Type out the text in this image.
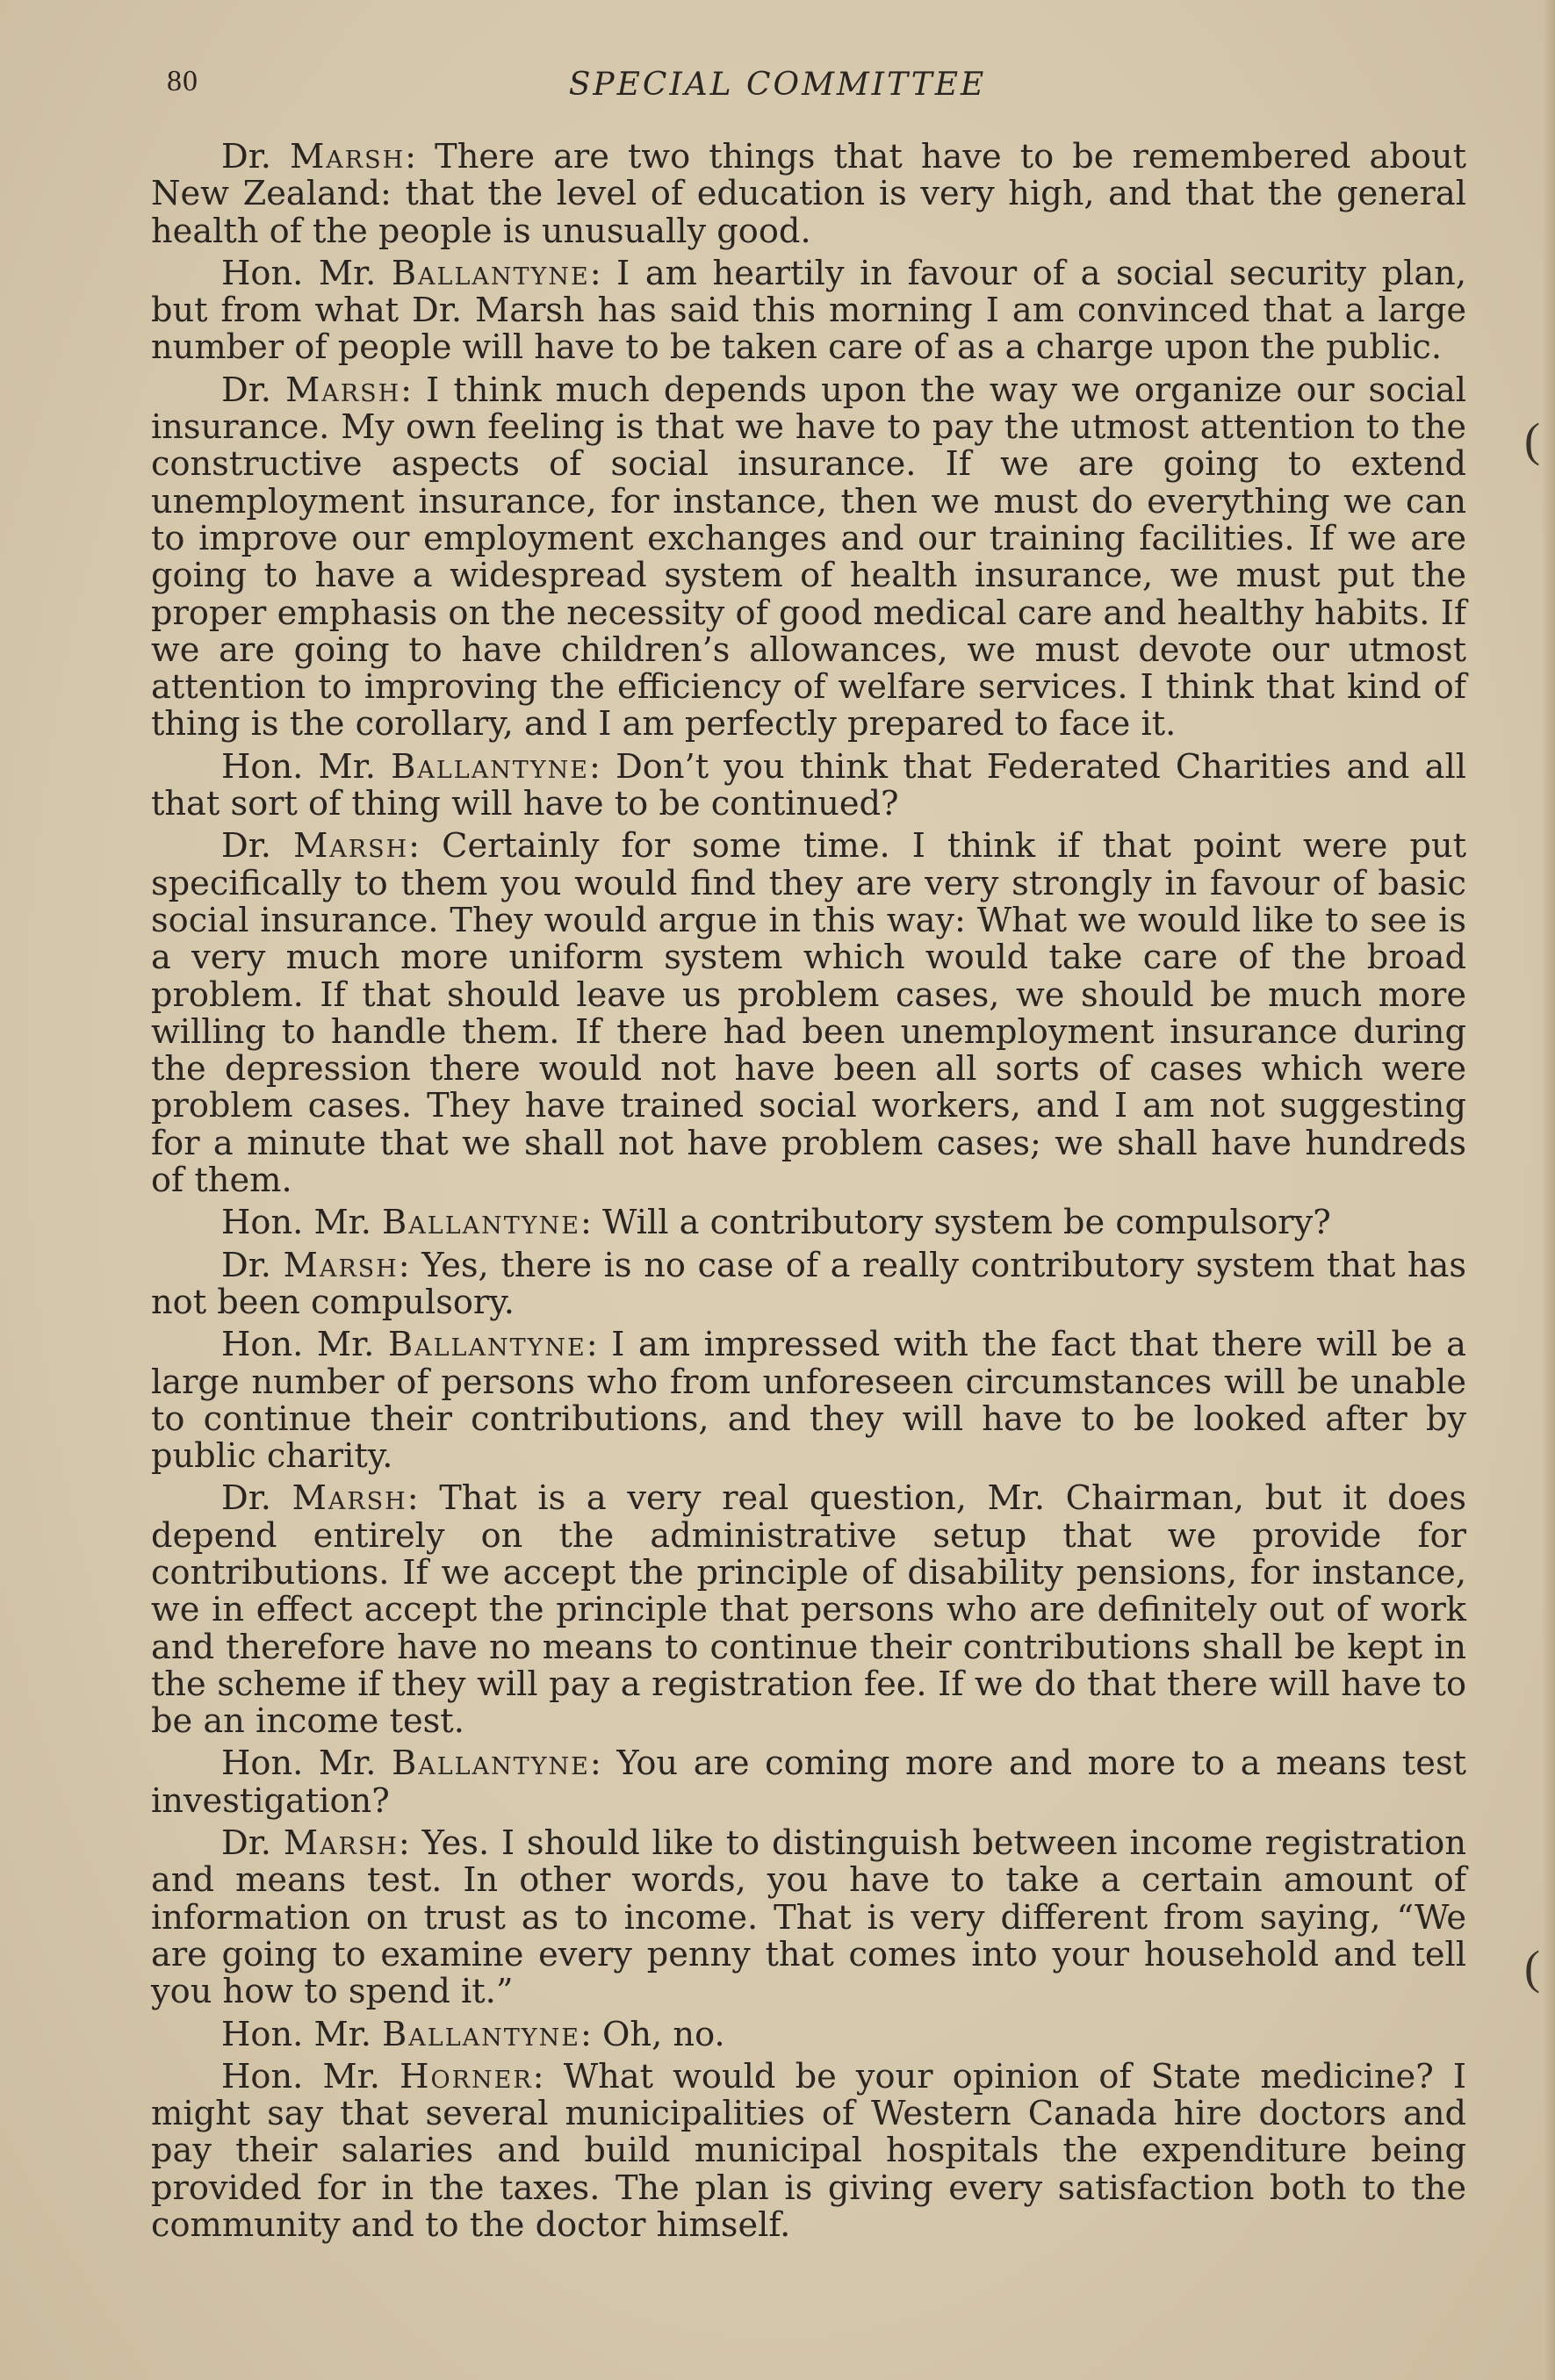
80	SPECIAL COMMITTEE
(
(

Dr. Marsh: There are two things that have to be remembered about New Zealand: that the level of education is very high, and that the general health of the people is unusually good.

Hon. Mr. Ballantyne: I am heartily in favour of a social security plan, but from what Dr. Marsh has said this morning I am convinced that a large number of people will have to be taken care of as a charge upon the public.

Dr. Marsh: I think much depends upon the way we organize our social insurance. My own feeling is that we have to pay the utmost attention to the constructive aspects of social insurance. If we are going to extend unemployment insurance, for instance, then we must do everything we can to improve our employment exchanges and our training facilities. If we are going to have a widespread system of health insurance, we must put the proper emphasis on the necessity of good medical care and healthy habits. If we are going to have children’s allowances, we must devote our utmost attention to improving the efficiency of welfare services. I think that kind of thing is the corollary, and I am perfectly prepared to face it.

Hon. Mr. Ballantyne: Don’t you think that Federated Charities and all that sort of thing will have to be continued?

Dr. Marsh: Certainly for some time. I think if that point were put specifically to them you would find they are very strongly in favour of basic social insurance. They would argue in this way: What we would like to see is a very much more uniform system which would take care of the broad problem. If that should leave us problem cases, we should be much more willing to handle them. If there had been unemployment insurance during the depression there would not have been all sorts of cases which were problem cases. They have trained social workers, and I am not suggesting for a minute that we shall not have problem cases; we shall have hundreds of them.

Hon. Mr. Ballantyne: Will a contributory system be compulsory?

Dr. Marsh: Yes, there is no case of a really contributory system that has not been compulsory.

Hon. Mr. Ballantyne: I am impressed with the fact that there will be a large number of persons who from unforeseen circumstances will be unable to continue their contributions, and they will have to be looked after by public charity.

Dr. Marsh: That is a very real question, Mr. Chairman, but it does depend entirely on the administrative setup that we provide for contributions. If we accept the principle of disability pensions, for instance, we in effect accept the principle that persons who are definitely out of work and therefore have no means to continue their contributions shall be kept in the scheme if they will pay a registration fee. If we do that there will have to be an income test.

Hon. Mr. Ballantyne: You are coming more and more to a means test investigation?

Dr. Marsh: Yes. I should like to distinguish between income registration and means test. In other words, you have to take a certain amount of information on trust as to income. That is very different from saying, “We are going to examine every penny that comes into your household and tell you how to spend it.”

Hon. Mr. Ballantyne: Oh, no.

Hon. Mr. Horner: What would be your opinion of State medicine? I might say that several municipalities of Western Canada hire doctors and pay their salaries and build municipal hospitals the expenditure being provided for in the taxes. The plan is giving every satisfaction both to the community and to the doctor himself.
